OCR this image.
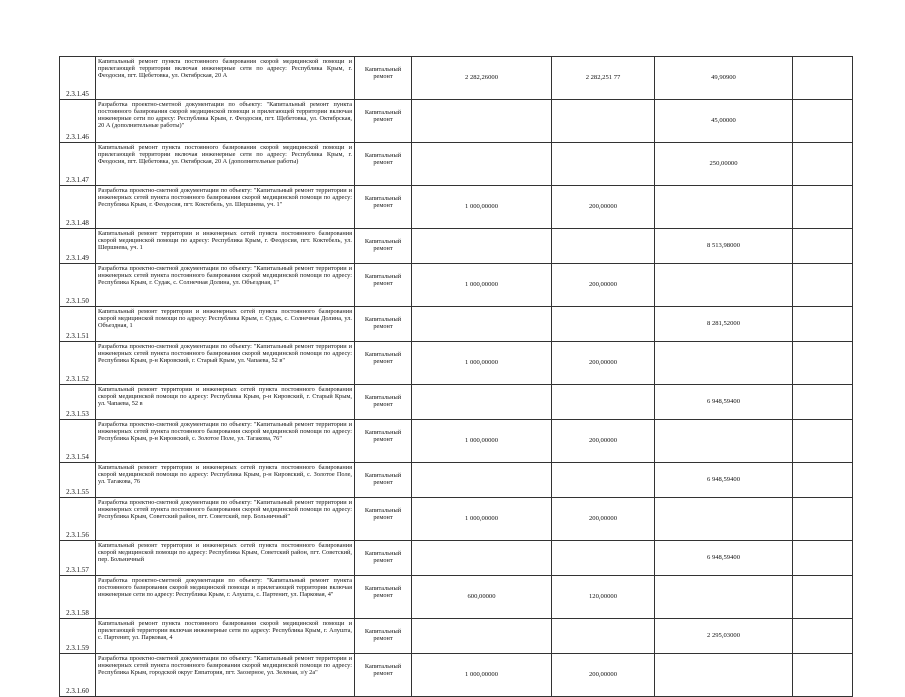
2.3.1.45	Капитальный ремонт пункта постоянного базирования скорой медицинской помощи и прилегающей территории включая инженерные сети по адресу: Республика Крым, г. Феодосия, пгт. Щебетовка, ул. Октябрская, 20 А	Капитальный ремонт	2 282,26000	2 282,251 77	49,90900	
2.3.1.46	Разработка проектно-сметной документации по объекту: "Капитальный ремонт пункта постоянного базирования скорой медицинской помощи и прилегающей территории включая инженерные сети по адресу: Республика Крым, г. Феодосия, пгт. Щебетовка, ул. Октябрская, 20 А (дополнительные работы)"	Капитальный ремонт			45,00000	
2.3.1.47	Капитальный ремонт пункта постоянного базирования скорой медицинской помощи и прилегающей территории включая инженерные сети по адресу: Республика Крым, г. Феодосия, пгт. Щебетовка, ул. Октябрская, 20 А (дополнительные работы)	Капитальный ремонт			250,00000	
2.3.1.48	Разработка проектно-сметной документации по объекту: "Капитальный ремонт территории и инженерных сетей пункта постоянного базирования скорой медицинской помощи по адресу: Республика Крым, г. Феодосия, пгт. Коктебель, ул. Шершнева, уч. 1"	Капитальный ремонт	1 000,00000	200,00000		
2.3.1.49	Капитальный ремонт территории и инженерных сетей пункта постоянного базирования скорой медицинской помощи по адресу: Республика Крым, г. Феодосия, пгт. Коктебель, ул. Шершнева, уч. 1	Капитальный ремонт			8 513,98000	
2.3.1.50	Разработка проектно-сметной документации по объекту: "Капитальный ремонт территории и инженерных сетей пункта постоянного базирования скорой медицинской помощи по адресу: Республика Крым, г. Судак, с. Солнечная Долина, ул. Объездная, 1"	Капитальный ремонт	1 000,00000	200,00000		
2.3.1.51	Капитальный ремонт территории и инженерных сетей пункта постоянного базирования скорой медицинской помощи по адресу: Республика Крым, г. Судак, с. Солнечная Долина, ул. Объездная, 1	Капитальный ремонт			8 281,52000	
2.3.1.52	Разработка проектно-сметной документации по объекту: "Капитальный ремонт территории и инженерных сетей пункта постоянного базирования скорой медицинской помощи по адресу: Республика Крым, р-н Кировский, г. Старый Крым, ул. Чапаева, 52 в"	Капитальный ремонт	1 000,00000	200,00000		
2.3.1.53	Капитальный ремонт территории и инженерных сетей пункта постоянного базирования скорой медицинской помощи по адресу: Республика Крым, р-н Кировский, г. Старый Крым, ул. Чапаева, 52 в	Капитальный ремонт			6 948,59400	
2.3.1.54	Разработка проектно-сметной документации по объекту: "Капитальный ремонт территории и инженерных сетей пункта постоянного базирования скорой медицинской помощи по адресу: Республика Крым, р-н Кировский, с. Золотое Поле, ул. Тагакова, 76"	Капитальный ремонт	1 000,00000	200,00000		
2.3.1.55	Капитальный ремонт территории и инженерных сетей пункта постоянного базирования скорой медицинской помощи по адресу: Республика Крым, р-н Кировский, с. Золотое Поле, ул. Тагакова, 76	Капитальный ремонт			6 948,59400	
2.3.1.56	Разработка проектно-сметной документации по объекту: "Капитальный ремонт территории и инженерных сетей пункта постоянного базирования скорой медицинской помощи по адресу: Республика Крым, Советский район, пгт. Советский, пер. Больничный"	Капитальный ремонт	1 000,00000	200,00000		
2.3.1.57	Капитальный ремонт территории и инженерных сетей пункта постоянного базирования скорой медицинской помощи по адресу: Республика Крым, Советский район, пгт. Советский, пер. Больничный	Капитальный ремонт			6 948,59400	
2.3.1.58	Разработка проектно-сметной документации по объекту: "Капитальный ремонт пункта постоянного базирования скорой медицинской помощи и прилегающей территории включая инженерные сети по адресу: Республика Крым, г. Алушта, с. Партенит, ул. Парковая, 4"	Капитальный ремонт	600,00000	120,00000		
2.3.1.59	Капитальный ремонт пункта постоянного базирования скорой медицинской помощи и прилегающей территории включая инженерные сети по адресу: Республика Крым, г. Алушта, с. Партенит, ул. Парковая, 4	Капитальный ремонт			2 295,03000	
2.3.1.60	Разработка проектно-сметной документации по объекту: "Капитальный ремонт территории и инженерных сетей пункта постоянного базирования скорой медицинской помощи по адресу: Республика Крым, городской округ Евпатория, пгт. Заозерное, ул. Зеленая, з/у 2а"	Капитальный ремонт	1 000,00000	200,00000		
